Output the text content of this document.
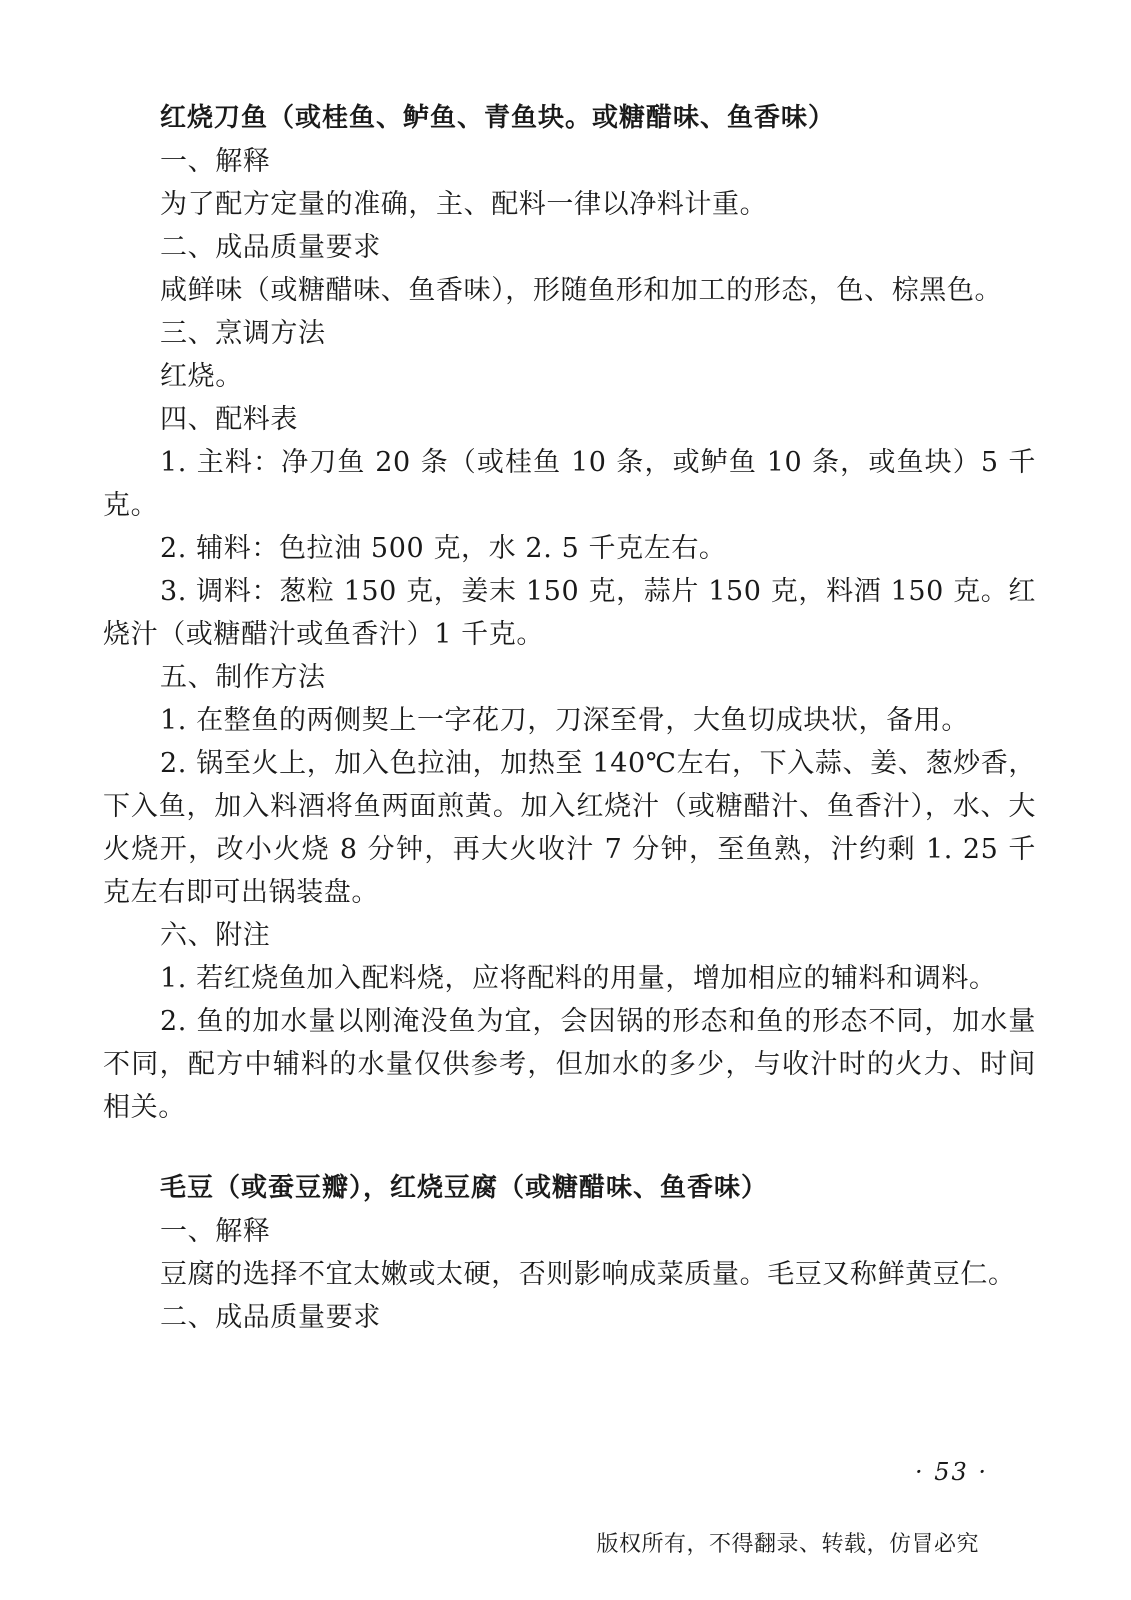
红烧刀鱼（或桂鱼、鲈鱼、青鱼块。或糖醋味、鱼香味）

一、解释

为了配方定量的准确，主、配料一律以净料计重。

二、成品质量要求

咸鲜味（或糖醋味、鱼香味），形随鱼形和加工的形态，色、棕黑色。

三、烹调方法

红烧。

四、配料表

1. 主料：净刀鱼 20 条（或桂鱼 10 条，或鲈鱼 10 条，或鱼块）5 千克。

2. 辅料：色拉油 500 克，水 2. 5 千克左右。

3. 调料：葱粒 150 克，姜末 150 克，蒜片 150 克，料酒 150 克。红烧汁（或糖醋汁或鱼香汁）1 千克。

五、制作方法

1. 在整鱼的两侧契上一字花刀，刀深至骨，大鱼切成块状，备用。

2. 锅至火上，加入色拉油，加热至 140℃左右，下入蒜、姜、葱炒香，下入鱼，加入料酒将鱼两面煎黄。加入红烧汁（或糖醋汁、鱼香汁），水、大火烧开，改小火烧 8 分钟，再大火收汁 7 分钟，至鱼熟，汁约剩 1. 25 千克左右即可出锅装盘。

六、附注

1. 若红烧鱼加入配料烧，应将配料的用量，增加相应的辅料和调料。

2. 鱼的加水量以刚淹没鱼为宜，会因锅的形态和鱼的形态不同，加水量不同，配方中辅料的水量仅供参考，但加水的多少，与收汁时的火力、时间相关。

毛豆（或蚕豆瓣），红烧豆腐（或糖醋味、鱼香味）

一、解释

豆腐的选择不宜太嫩或太硬，否则影响成菜质量。毛豆又称鲜黄豆仁。

二、成品质量要求

· 53 ·
版权所有，不得翻录、转载，仿冒必究
